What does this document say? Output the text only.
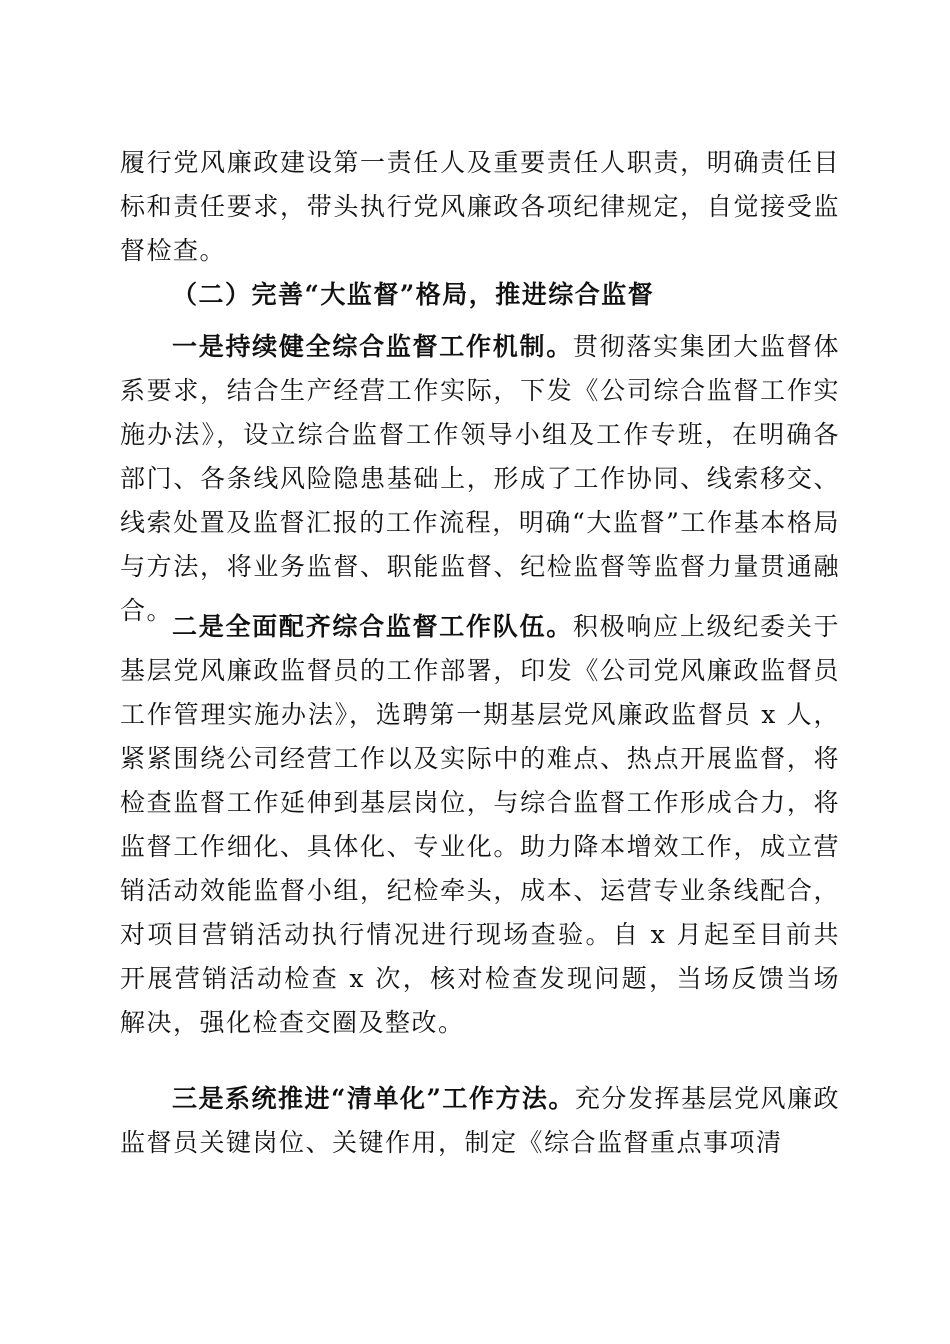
履行党风廉政建设第一责任人及重要责任人职责，明确责任目标和责任要求，带头执行党风廉政各项纪律规定，自觉接受监督检查。

（二）完善“大监督”格局，推进综合监督

一是持续健全综合监督工作机制。贯彻落实集团大监督体系要求，结合生产经营工作实际，下发《公司综合监督工作实施办法》，设立综合监督工作领导小组及工作专班，在明确各部门、各条线风险隐患基础上，形成了工作协同、线索移交、线索处置及监督汇报的工作流程，明确“大监督”工作基本格局与方法，将业务监督、职能监督、纪检监督等监督力量贯通融合。

二是全面配齐综合监督工作队伍。积极响应上级纪委关于基层党风廉政监督员的工作部署，印发《公司党风廉政监督员工作管理实施办法》，选聘第一期基层党风廉政监督员 x 人，紧紧围绕公司经营工作以及实际中的难点、热点开展监督，将检查监督工作延伸到基层岗位，与综合监督工作形成合力，将监督工作细化、具体化、专业化。助力降本增效工作，成立营销活动效能监督小组，纪检牵头，成本、运营专业条线配合，对项目营销活动执行情况进行现场查验。自 x 月起至目前共开展营销活动检查 x 次，核对检查发现问题，当场反馈当场解决，强化检查交圈及整改。

三是系统推进“清单化”工作方法。充分发挥基层党风廉政监督员关键岗位、关键作用，制定《综合监督重点事项清
